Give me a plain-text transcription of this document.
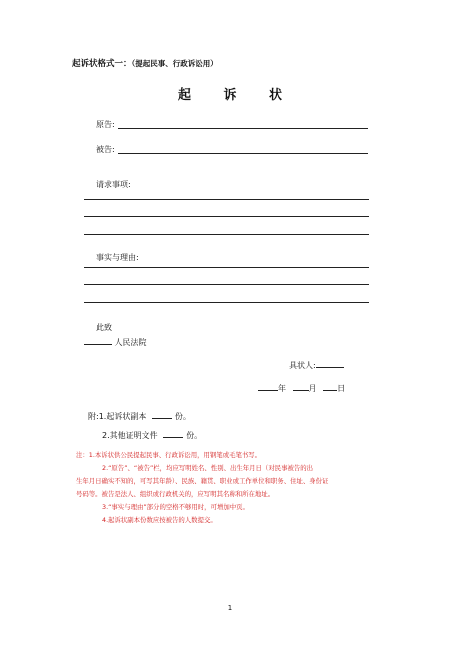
起诉状格式一：（提起民事、行政诉讼用）
起 诉 状
原告:
被告:
请求事项:
事实与理由:
此致
人民法院
具状人:
年	月	日
附:1.起诉状副本	份。
2.其他证明文件	份。
注：1.本诉状供公民提起民事、行政诉讼用，用钢笔或毛笔书写。
2.“原告”、“被告”栏，均应写明姓名、性别、出生年月日（对民事被告的出
生年月日确实不知的，可写其年龄）、民族、籍贯、职业或工作单位和职务、住址、身份证
号码等。被告是法人、组织或行政机关的，应写明其名称和所在地址。
3.“事实与理由”部分的空格不够用时，可增加中页。
4.起诉状副本份数应按被告的人数提交。
1
